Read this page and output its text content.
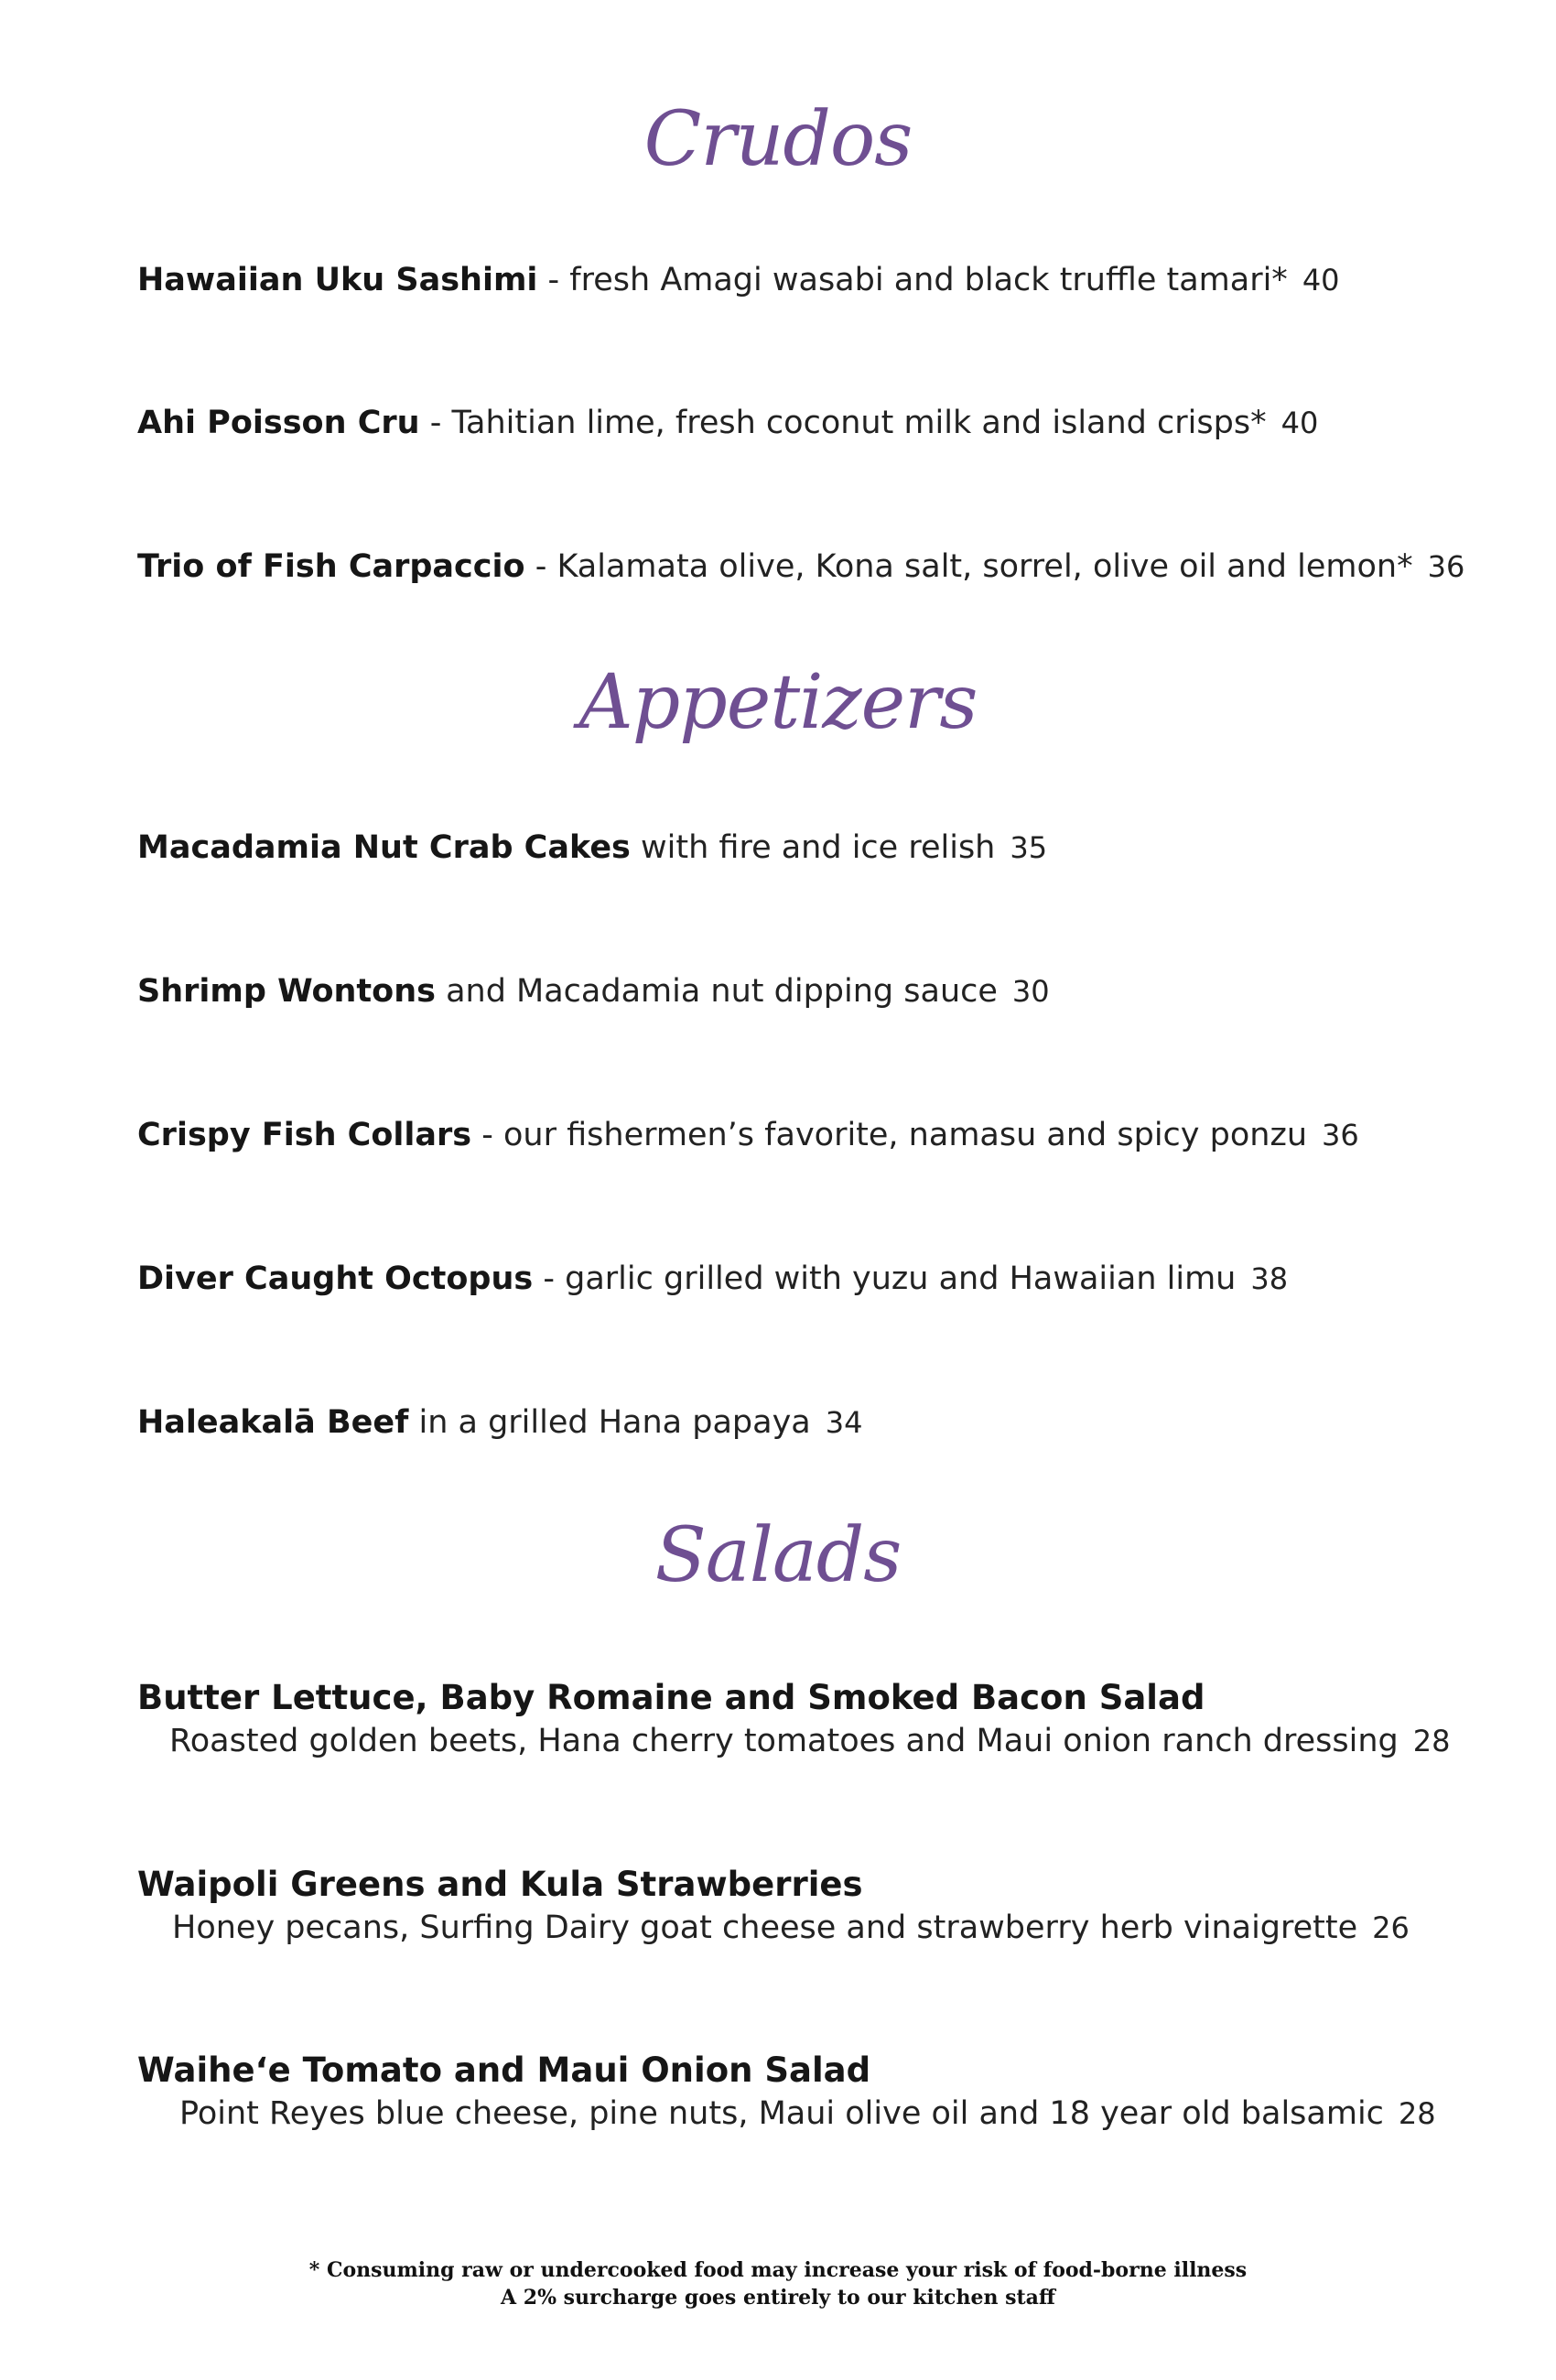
Crudos
Hawaiian Uku Sashimi - fresh Amagi wasabi and black truffle tamari* 40
Ahi Poisson Cru - Tahitian lime, fresh coconut milk and island crisps* 40
Trio of Fish Carpaccio - Kalamata olive, Kona salt, sorrel, olive oil and lemon* 36
Appetizers
Macadamia Nut Crab Cakes with fire and ice relish 35
Shrimp Wontons and Macadamia nut dipping sauce 30
Crispy Fish Collars - our fishermen’s favorite, namasu and spicy ponzu 36
Diver Caught Octopus - garlic grilled with yuzu and Hawaiian limu 38
Haleakalā Beef in a grilled Hana papaya 34
Salads
Butter Lettuce, Baby Romaine and Smoked Bacon Salad
Roasted golden beets, Hana cherry tomatoes and Maui onion ranch dressing 28
Waipoli Greens and Kula Strawberries
Honey pecans, Surfing Dairy goat cheese and strawberry herb vinaigrette 26
Waihe‘e Tomato and Maui Onion Salad
Point Reyes blue cheese, pine nuts, Maui olive oil and 18 year old balsamic 28
* Consuming raw or undercooked food may increase your risk of food-borne illness
A 2% surcharge goes entirely to our kitchen staff
